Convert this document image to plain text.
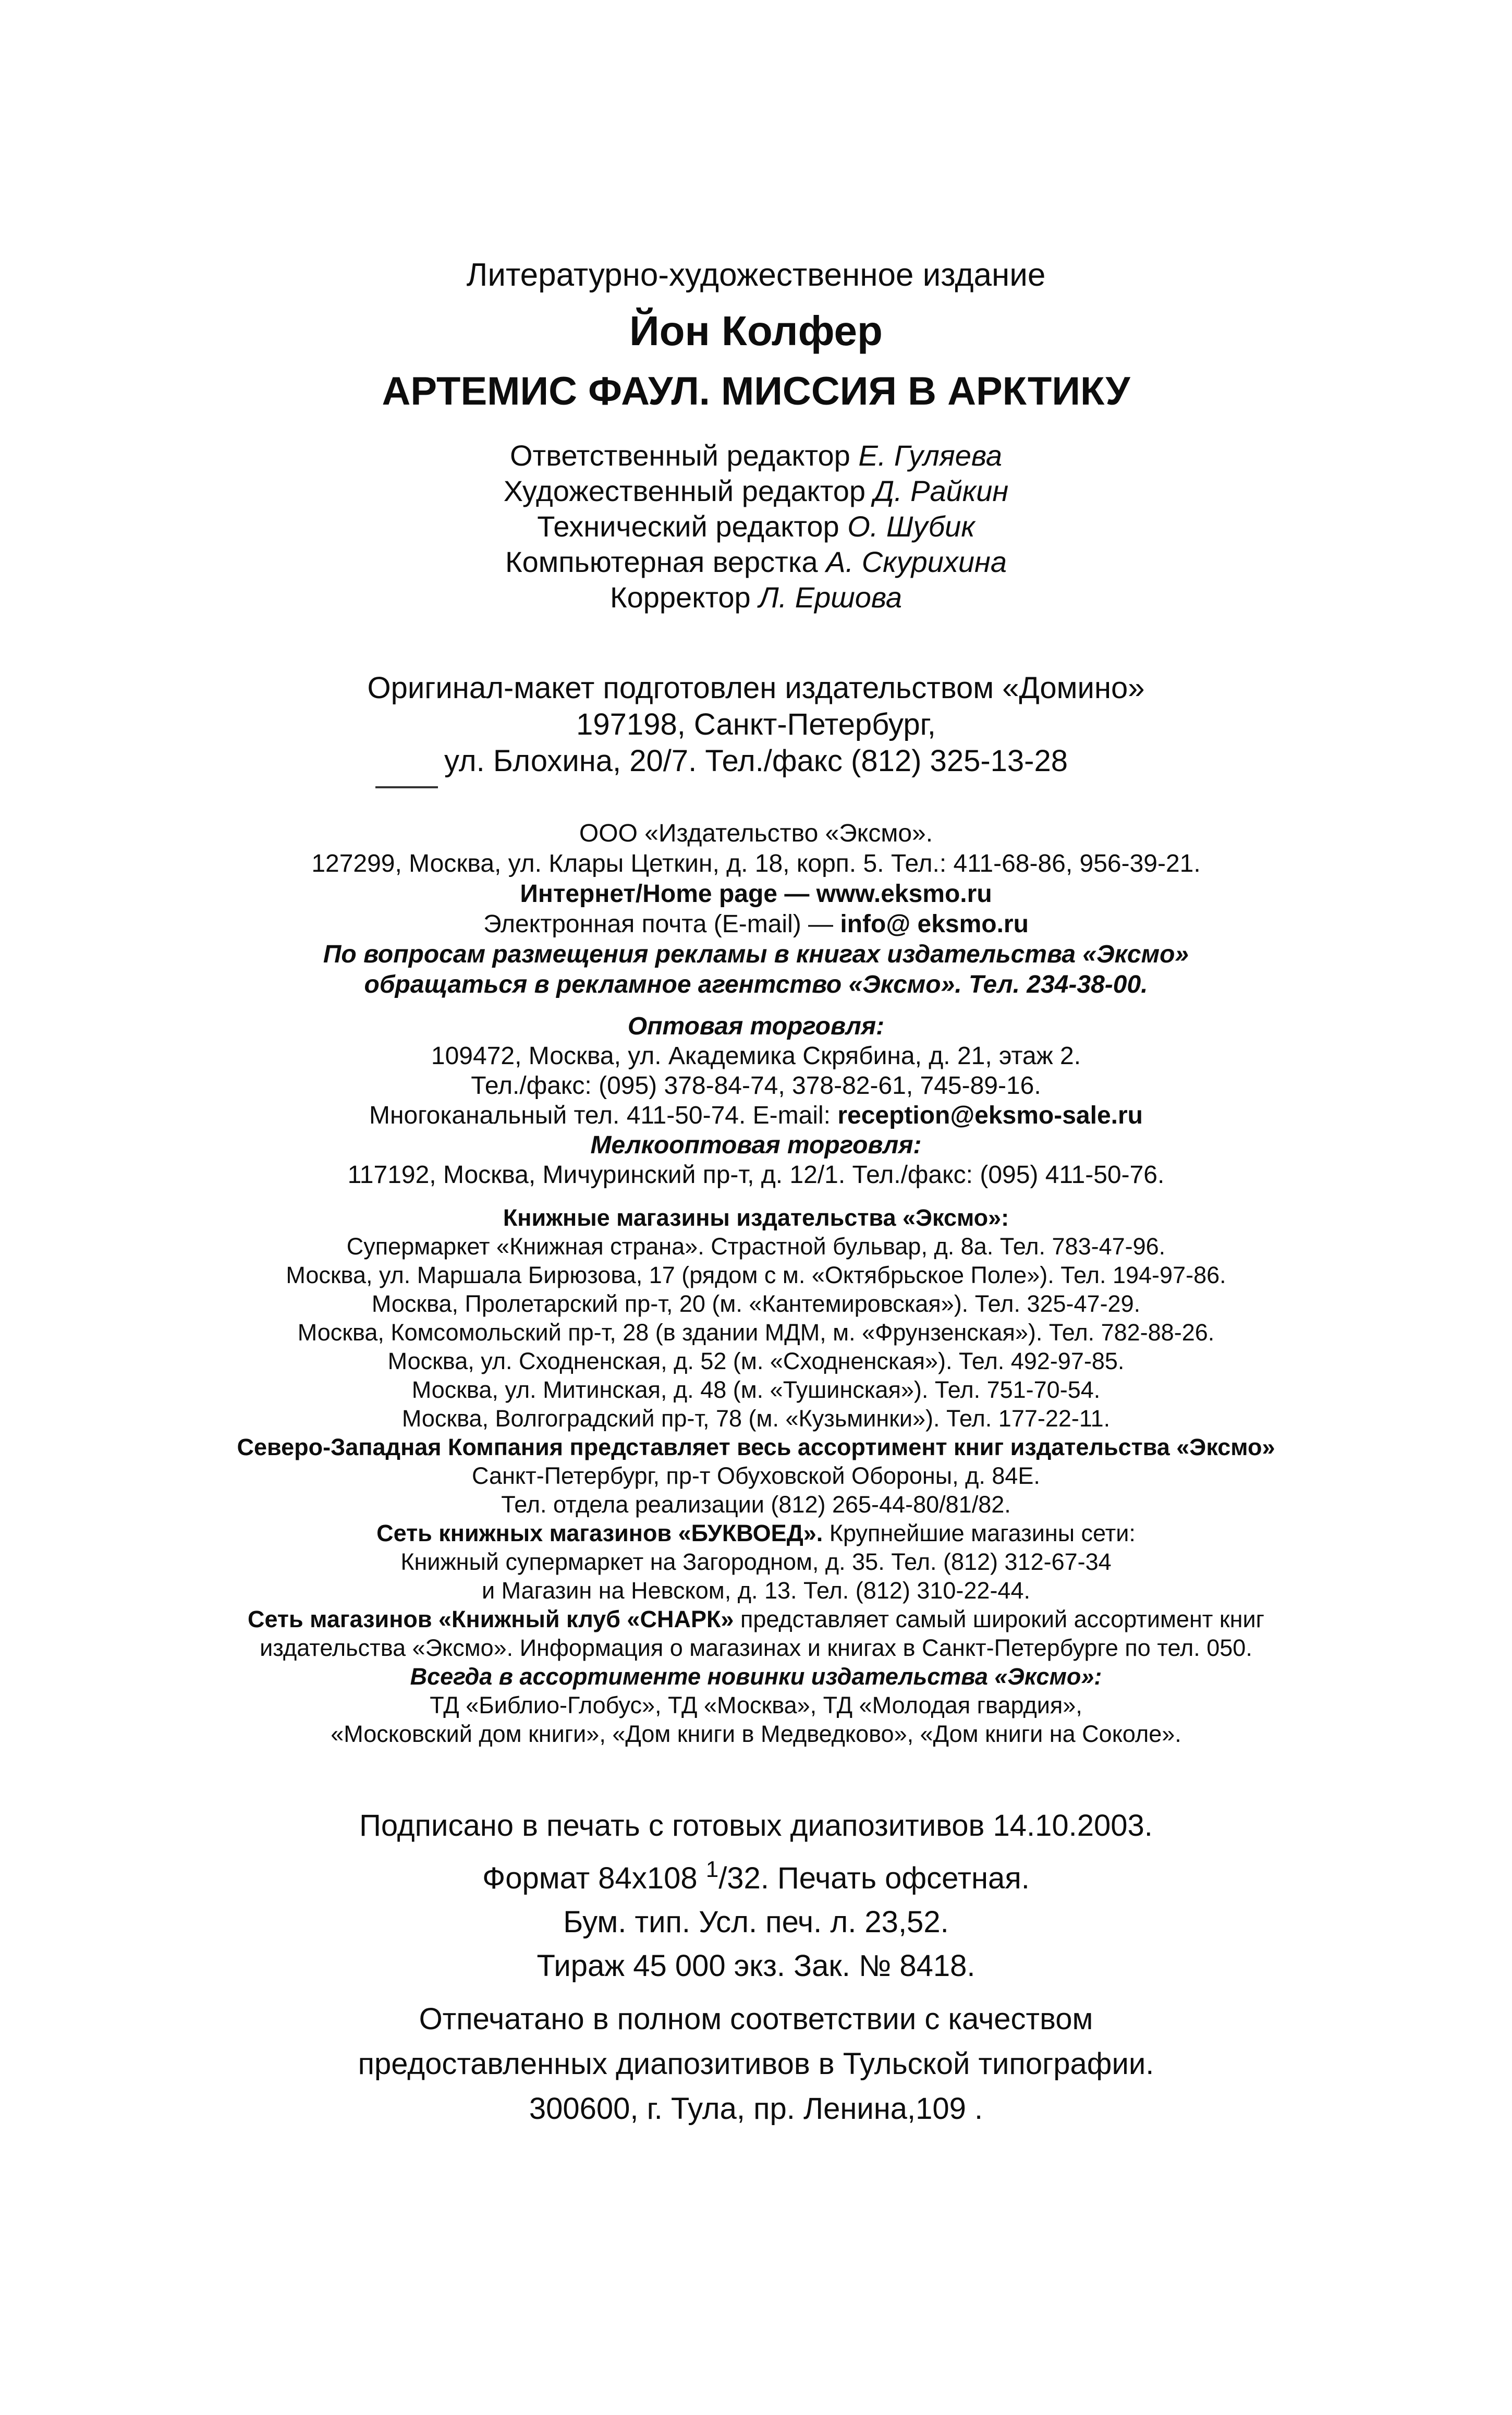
Литературно-художественное издание
Йон Колфер
АРТЕМИС ФАУЛ. МИССИЯ В АРКТИКУ
Ответственный редактор Е. Гуляева
Художественный редактор Д. Райкин
Технический редактор О. Шубик
Компьютерная верстка А. Скурихина
Корректор Л. Ершова
Оригинал-макет подготовлен издательством «Домино»
197198, Санкт-Петербург,
ул. Блохина, 20/7. Тел./факс (812) 325-13-28
ООО «Издательство «Эксмо».
127299, Москва, ул. Клары Цеткин, д. 18, корп. 5. Тел.: 411-68-86, 956-39-21.
Интернет/Home page — www.eksmo.ru
Электронная почта (E-mail) — info@ eksmo.ru
По вопросам размещения рекламы в книгах издательства «Эксмо»
обращаться в рекламное агентство «Эксмо». Тел. 234-38-00.
Оптовая торговля:
109472, Москва, ул. Академика Скрябина, д. 21, этаж 2.
Тел./факс: (095) 378-84-74, 378-82-61, 745-89-16.
Многоканальный тел. 411-50-74. E-mail: reception@eksmo-sale.ru
Мелкооптовая торговля:
117192, Москва, Мичуринский пр-т, д. 12/1. Тел./факс: (095) 411-50-76.
Книжные магазины издательства «Эксмо»:
Супермаркет «Книжная страна». Страстной бульвар, д. 8а. Тел. 783-47-96.
Москва, ул. Маршала Бирюзова, 17 (рядом с м. «Октябрьское Поле»). Тел. 194-97-86.
Москва, Пролетарский пр-т, 20 (м. «Кантемировская»). Тел. 325-47-29.
Москва, Комсомольский пр-т, 28 (в здании МДМ, м. «Фрунзенская»). Тел. 782-88-26.
Москва, ул. Сходненская, д. 52 (м. «Сходненская»). Тел. 492-97-85.
Москва, ул. Митинская, д. 48 (м. «Тушинская»). Тел. 751-70-54.
Москва, Волгоградский пр-т, 78 (м. «Кузьминки»). Тел. 177-22-11.
Северо-Западная Компания представляет весь ассортимент книг издательства «Эксмо»
Санкт-Петербург, пр-т Обуховской Обороны, д. 84Е.
Тел. отдела реализации (812) 265-44-80/81/82.
Сеть книжных магазинов «БУКВОЕД». Крупнейшие магазины сети:
Книжный супермаркет на Загородном, д. 35. Тел. (812) 312-67-34
и Магазин на Невском, д. 13. Тел. (812) 310-22-44.
Сеть магазинов «Книжный клуб «СНАРК» представляет самый широкий ассортимент книг
издательства «Эксмо». Информация о магазинах и книгах в Санкт-Петербурге по тел. 050.
Всегда в ассортименте новинки издательства «Эксмо»:
ТД «Библио-Глобус», ТД «Москва», ТД «Молодая гвардия»,
«Московский дом книги», «Дом книги в Медведково», «Дом книги на Соколе».
Подписано в печать с готовых диапозитивов 14.10.2003.
Формат 84x108 $^1$/32. Печать офсетная.
Бум. тип. Усл. печ. л. 23,52.
Тираж 45 000 экз. Зак. № 8418.
Отпечатано в полном соответствии с качеством
предоставленных диапозитивов в Тульской типографии.
300600, г. Тула, пр. Ленина,109 .
